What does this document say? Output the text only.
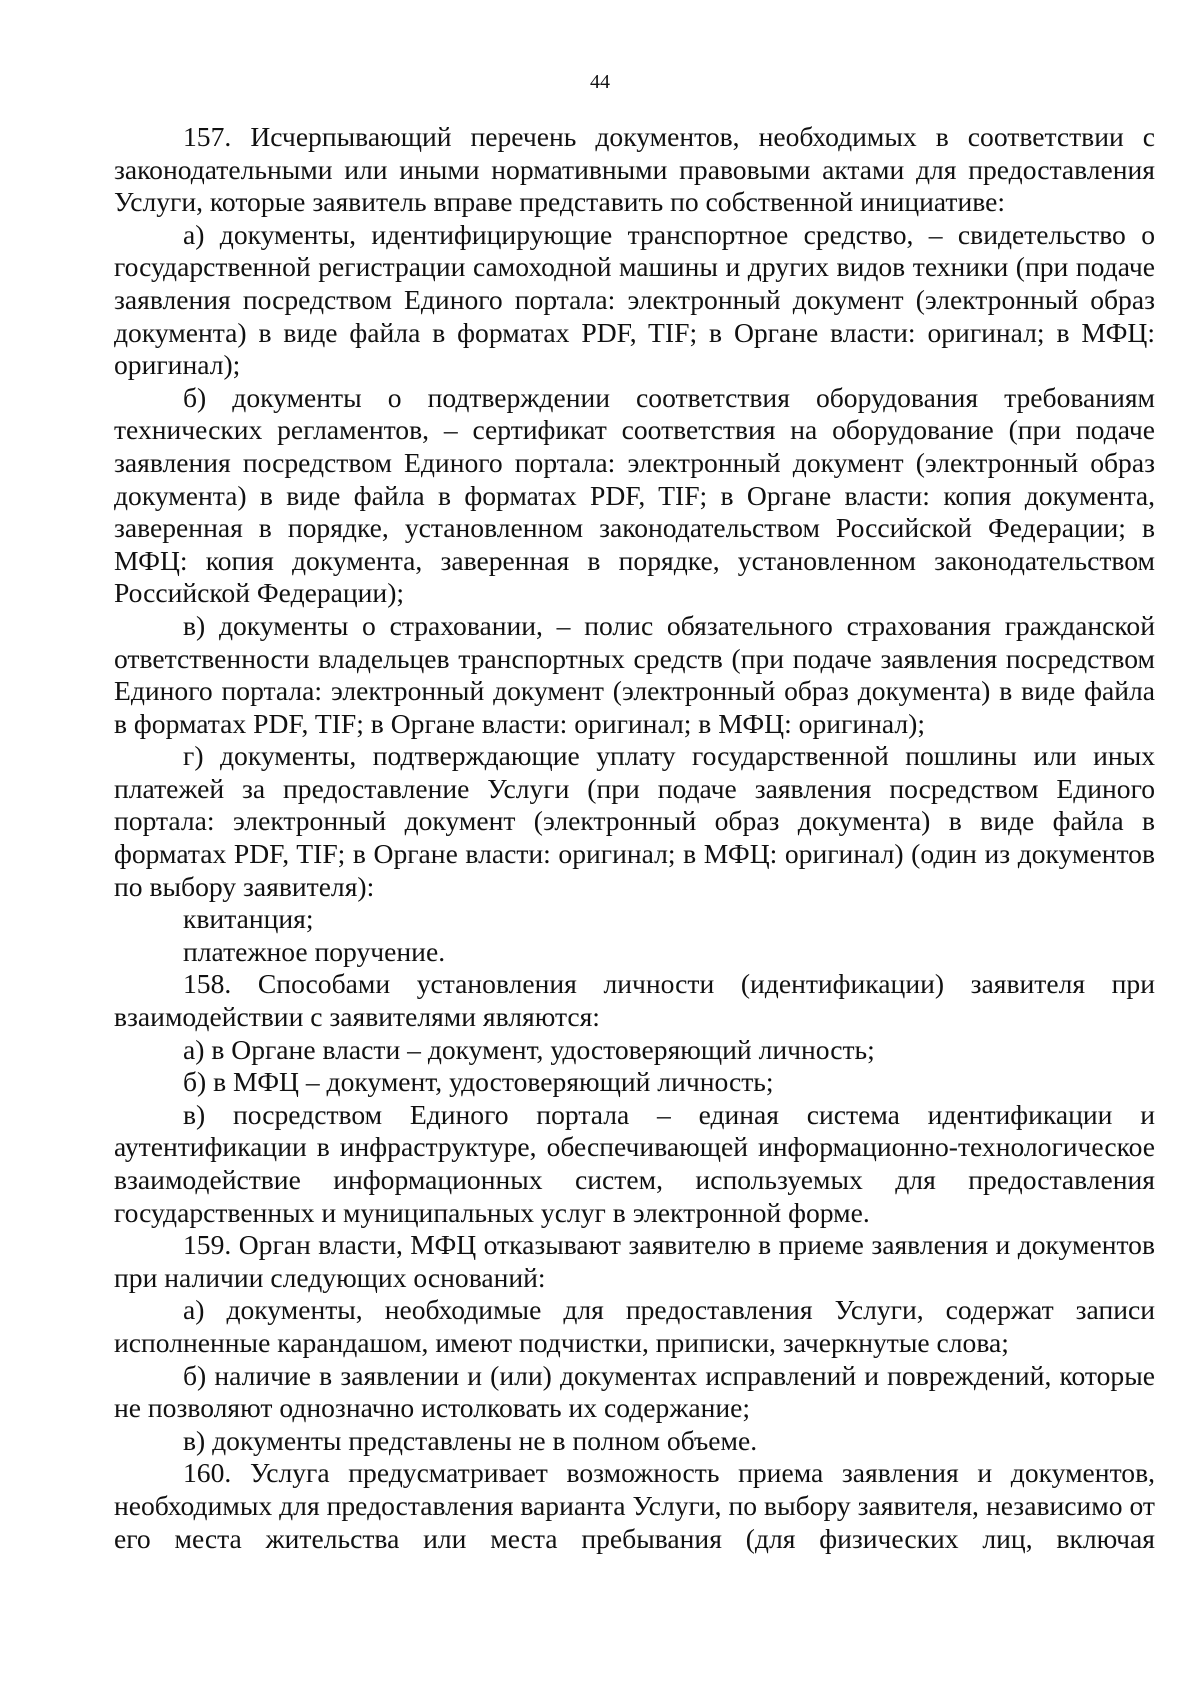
44

157. Исчерпывающий перечень документов, необходимых в соответствии с законодательными или иными нормативными правовыми актами для предоставления Услуги, которые заявитель вправе представить по собственной инициативе:

а) документы, идентифицирующие транспортное средство, – свидетельство о государственной регистрации самоходной машины и других видов техники (при подаче заявления посредством Единого портала: электронный документ (электронный образ документа) в виде файла в форматах PDF, TIF; в Органе власти: оригинал; в МФЦ: оригинал);

б) документы о подтверждении соответствия оборудования требованиям технических регламентов, – сертификат соответствия на оборудование (при подаче заявления посредством Единого портала: электронный документ (электронный образ документа) в виде файла в форматах PDF, TIF; в Органе власти: копия документа, заверенная в порядке, установленном законодательством Российской Федерации; в МФЦ: копия документа, заверенная в порядке, установленном законодательством Российской Федерации);

в) документы о страховании, – полис обязательного страхования гражданской ответственности владельцев транспортных средств (при подаче заявления посредством Единого портала: электронный документ (электронный образ документа) в виде файла в форматах PDF, TIF; в Органе власти: оригинал; в МФЦ: оригинал);

г) документы, подтверждающие уплату государственной пошлины или иных платежей за предоставление Услуги (при подаче заявления посредством Единого портала: электронный документ (электронный образ документа) в виде файла в форматах PDF, TIF; в Органе власти: оригинал; в МФЦ: оригинал) (один из документов по выбору заявителя):

квитанция;

платежное поручение.

158. Способами установления личности (идентификации) заявителя при взаимодействии с заявителями являются:

а) в Органе власти – документ, удостоверяющий личность;

б) в МФЦ – документ, удостоверяющий личность;

в) посредством Единого портала – единая система идентификации и аутентификации в инфраструктуре, обеспечивающей информационно-технологическое взаимодействие информационных систем, используемых для предоставления государственных и муниципальных услуг в электронной форме.

159. Орган власти, МФЦ отказывают заявителю в приеме заявления и документов при наличии следующих оснований:

а) документы, необходимые для предоставления Услуги, содержат записи исполненные карандашом, имеют подчистки, приписки, зачеркнутые слова;

б) наличие в заявлении и (или) документах исправлений и повреждений, которые не позволяют однозначно истолковать их содержание;

в) документы представлены не в полном объеме.

160. Услуга предусматривает возможность приема заявления и документов, необходимых для предоставления варианта Услуги, по выбору заявителя, независимо от его места жительства или места пребывания (для физических лиц, включая
